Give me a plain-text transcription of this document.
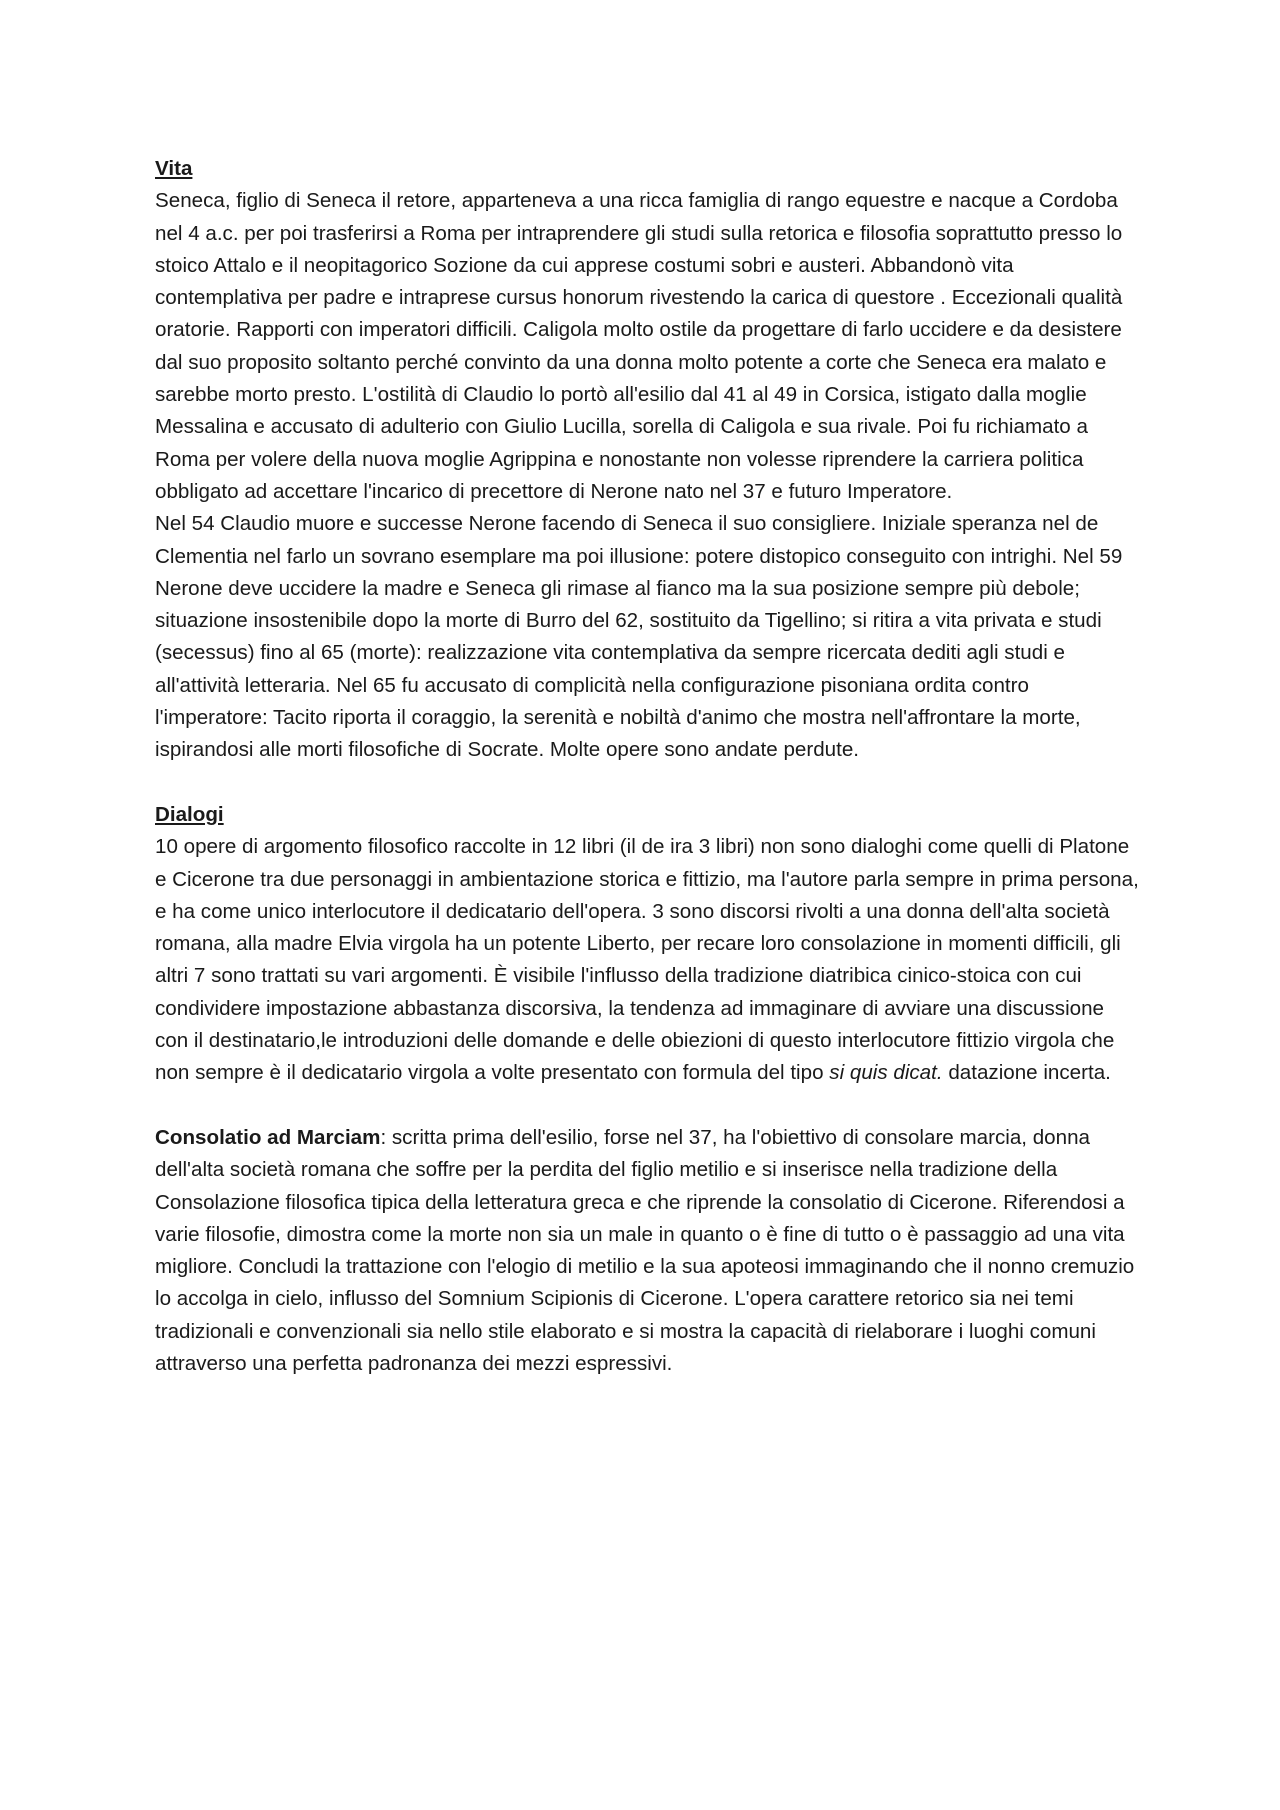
Vita

Seneca, figlio di Seneca il retore, apparteneva a una ricca famiglia di rango equestre e nacque a Cordoba nel 4 a.c. per poi trasferirsi a Roma per intraprendere gli studi sulla retorica e filosofia soprattutto presso lo stoico Attalo e il neopitagorico Sozione da cui apprese costumi sobri e austeri. Abbandonò vita contemplativa per padre e intraprese cursus honorum rivestendo la carica di questore . Eccezionali qualità oratorie. Rapporti con imperatori difficili. Caligola molto ostile da progettare di farlo uccidere e da desistere dal suo proposito soltanto perché convinto da una donna molto potente a corte che Seneca era malato e sarebbe morto presto. L'ostilità di Claudio lo portò all'esilio dal 41 al 49 in Corsica, istigato dalla moglie Messalina e accusato di adulterio con Giulio Lucilla, sorella di Caligola e sua rivale. Poi fu richiamato a Roma per volere della nuova moglie Agrippina e nonostante non volesse riprendere la carriera politica obbligato ad accettare l'incarico di precettore di Nerone nato nel 37 e futuro Imperatore.

Nel 54 Claudio muore e successe Nerone facendo di Seneca il suo consigliere. Iniziale speranza nel de Clementia nel farlo un sovrano esemplare ma poi illusione: potere distopico conseguito con intrighi. Nel 59 Nerone deve uccidere la madre e Seneca gli rimase al fianco ma la sua posizione sempre più debole; situazione insostenibile dopo la morte di Burro del 62, sostituito da Tigellino; si ritira a vita privata e studi (secessus) fino al 65 (morte): realizzazione vita contemplativa da sempre ricercata dediti agli studi e all'attività letteraria. Nel 65 fu accusato di complicità nella configurazione pisoniana ordita contro l'imperatore: Tacito riporta il coraggio, la serenità e nobiltà d'animo che mostra nell'affrontare la morte, ispirandosi alle morti filosofiche di Socrate. Molte opere sono andate perdute.

Dialogi

10 opere di argomento filosofico raccolte in 12 libri (il de ira 3 libri) non sono dialoghi come quelli di Platone e Cicerone tra due personaggi in ambientazione storica e fittizio, ma l'autore parla sempre in prima persona, e ha come unico interlocutore il dedicatario dell'opera. 3 sono discorsi rivolti a una donna dell'alta società romana, alla madre Elvia virgola ha un potente Liberto, per recare loro consolazione in momenti difficili, gli altri 7 sono trattati su vari argomenti. È visibile l'influsso della tradizione diatribica cinico-stoica con cui condividere impostazione abbastanza discorsiva, la tendenza ad immaginare di avviare una discussione con il destinatario,le introduzioni delle domande e delle obiezioni di questo interlocutore fittizio virgola che non sempre è il dedicatario virgola a volte presentato con formula del tipo si quis dicat. datazione incerta.

Consolatio ad Marciam: scritta prima dell'esilio, forse nel 37, ha l'obiettivo di consolare marcia, donna dell'alta società romana che soffre per la perdita del figlio metilio e si inserisce nella tradizione della Consolazione filosofica tipica della letteratura greca e che riprende la consolatio di Cicerone. Riferendosi a varie filosofie, dimostra come la morte non sia un male in quanto o è fine di tutto o è passaggio ad una vita migliore. Concludi la trattazione con l'elogio di metilio e la sua apoteosi immaginando che il nonno cremuzio lo accolga in cielo, influsso del Somnium Scipionis di Cicerone. L'opera carattere retorico sia nei temi tradizionali e convenzionali sia nello stile elaborato e si mostra la capacità di rielaborare i luoghi comuni attraverso una perfetta padronanza dei mezzi espressivi.
